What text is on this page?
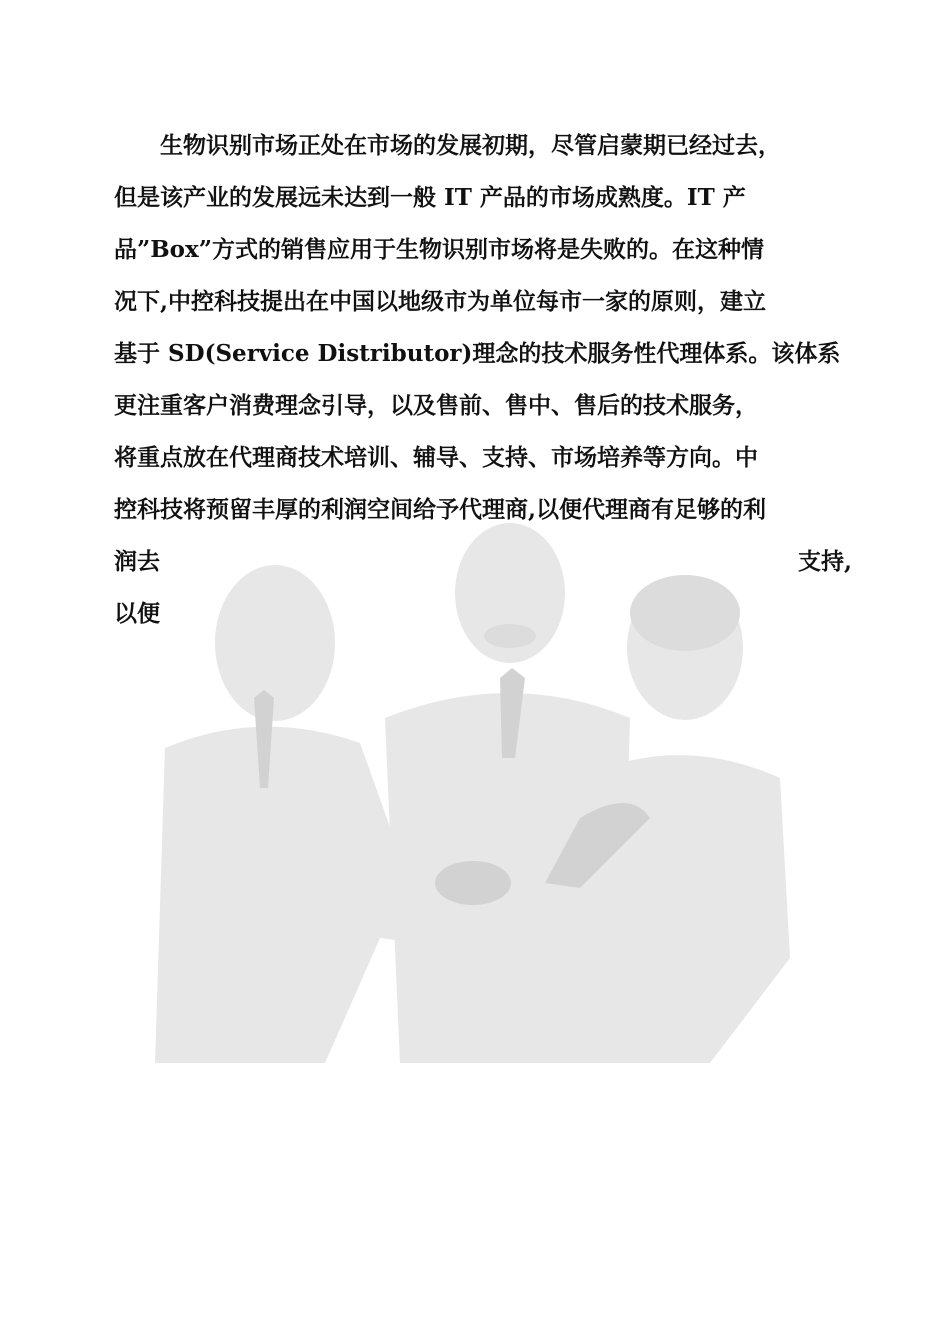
生物识别市场正处在市场的发展初期，尽管启蒙期已经过去，
但是该产业的发展远未达到一般 IT 产品的市场成熟度。IT 产
品”Box”方式的销售应用于生物识别市场将是失败的。在这种情
况下,中控科技提出在中国以地级市为单位每市一家的原则，建立
基于 SD(Service Distributor)理念的技术服务性代理体系。该体系
更注重客户消费理念引导，以及售前、售中、售后的技术服务，
将重点放在代理商技术培训、辅导、支持、市场培养等方向。中
控科技将预留丰厚的利润空间给予代理商,以便代理商有足够的利
润去	支持,
以便
